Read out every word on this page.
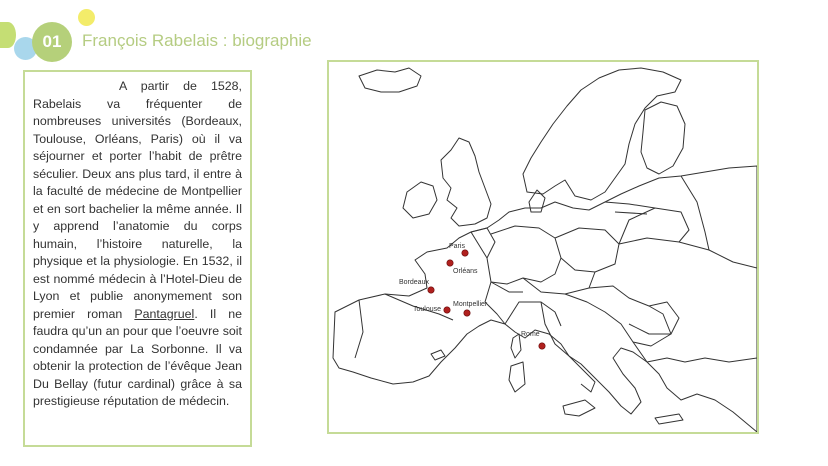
01	François Rabelais : biographie

A partir de 1528, Rabelais va fréquenter de nombreuses universités (Bordeaux, Toulouse, Orléans, Paris) où il va séjourner et porter l’habit de prêtre séculier. Deux ans plus tard, il entre à la faculté de médecine de Montpellier et en sort bachelier la même année. Il y apprend l’anatomie du corps humain, l’histoire naturelle, la physique et la physiologie. En 1532, il est nommé médecin à l’Hotel-Dieu de Lyon et publie anonymement son premier roman Pantagruel. Il ne faudra qu’un an pour que l’oeuvre soit condamnée par La Sorbonne. Il va obtenir la protection de l’évêque Jean Du Bellay (futur cardinal) grâce à sa prestigieuse réputation de médecin.

Paris
Orléans
Bordeaux
Toulouse
Montpellier
Rome
